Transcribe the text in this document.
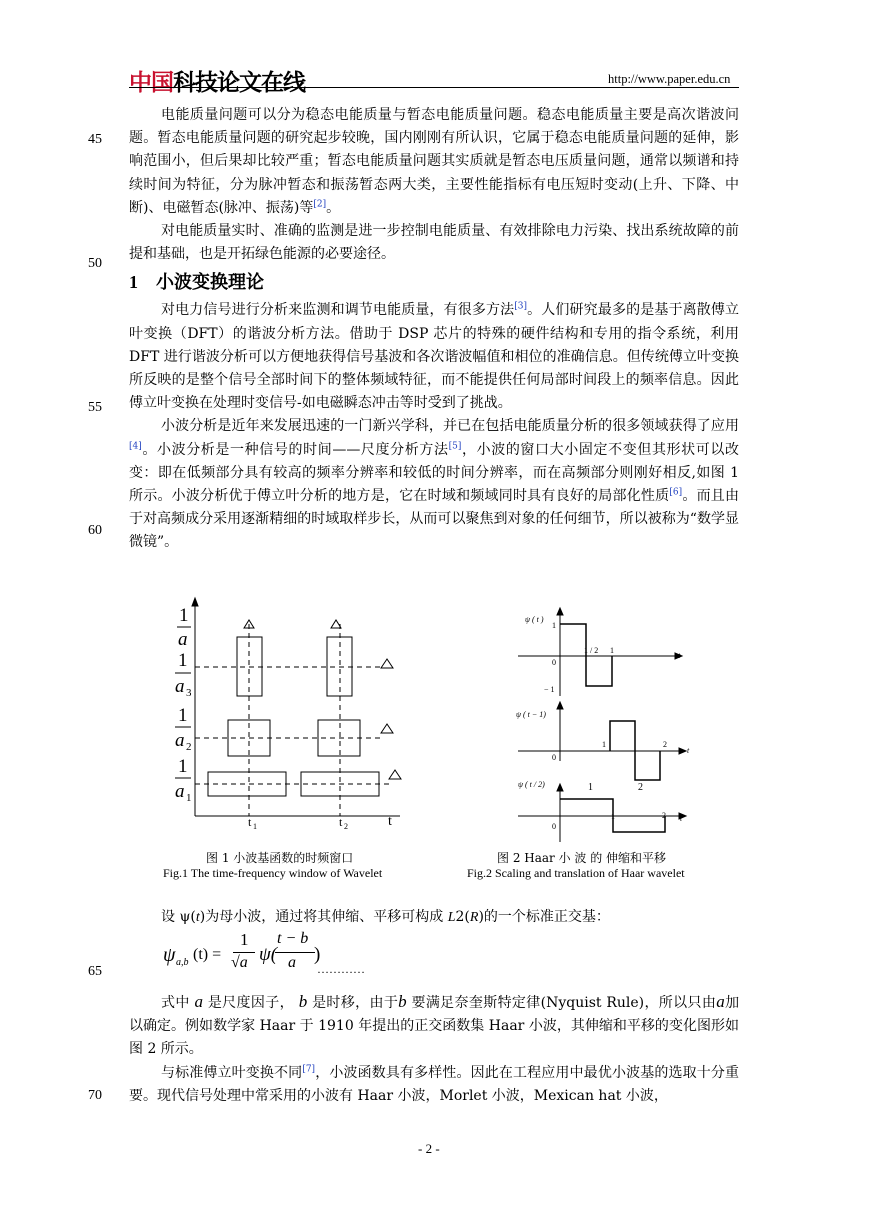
中国科技论文在线	http://www.paper.edu.cn
45
50
55
60
65
70

电能质量问题可以分为稳态电能质量与暂态电能质量问题。稳态电能质量主要是高次谐波问题。暂态电能质量问题的研究起步较晚，国内刚刚有所认识，它属于稳态电能质量问题的延伸，影响范围小，但后果却比较严重；暂态电能质量问题其实质就是暂态电压质量问题，通常以频谱和持续时间为特征，分为脉冲暂态和振荡暂态两大类，主要性能指标有电压短时变动(上升、下降、中断)、电磁暂态(脉冲、振荡)等[2]。

对电能质量实时、准确的监测是进一步控制电能质量、有效排除电力污染、找出系统故障的前提和基础，也是开拓绿色能源的必要途径。

1 小波变换理论

对电力信号进行分析来监测和调节电能质量，有很多方法[3]。人们研究最多的是基于离散傅立叶变换（DFT）的谐波分析方法。借助于 DSP 芯片的特殊的硬件结构和专用的指令系统，利用 DFT 进行谐波分析可以方便地获得信号基波和各次谐波幅值和相位的准确信息。但传统傅立叶变换所反映的是整个信号全部时间下的整体频域特征，而不能提供任何局部时间段上的频率信息。因此傅立叶变换在处理时变信号-如电磁瞬态冲击等时受到了挑战。

小波分析是近年来发展迅速的一门新兴学科，并已在包括电能质量分析的很多领域获得了应用[4]。小波分析是一种信号的时间——尺度分析方法[5]，小波的窗口大小固定不变但其形状可以改变：即在低频部分具有较高的频率分辨率和较低的时间分辨率，而在高频部分则刚好相反,如图 1 所示。小波分析优于傅立叶分析的地方是，它在时域和频域同时具有良好的局部化性质[6]。而且由于对高频成分采用逐渐精细的时域取样步长，从而可以聚焦到对象的任何细节，所以被称为“数学显微镜”。

1
a
1
a 3
1
a 2
1
a 1
t 1	t 2	t
图 1 小波基函数的时频窗口
Fig.1 The time-frequency window of Wavelet
ψ ( t )
1
0
− 1
1 / 2 1
t
ψ ( t − 1)
0
1	2
t
ψ ( t / 2)
0
1	2
1	2 t
图 2 Haar 小 波 的 伸缩和平移
Fig.2 Scaling and translation of Haar wavelet

设 ψ(t)为母小波，通过将其伸缩、平移可构成 L2(R)的一个标准正交基：

ψ a,b (t) =
1
√a ψ(
t − b
a )
…………

式中 a 是尺度因子， b 是时移，由于b 要满足奈奎斯特定律(Nyquist Rule)，所以只由a加以确定。例如数学家 Haar 于 1910 年提出的正交函数集 Haar 小波，其伸缩和平移的变化图形如图 2 所示。

与标准傅立叶变换不同[7]，小波函数具有多样性。因此在工程应用中最优小波基的选取十分重要。现代信号处理中常采用的小波有 Haar 小波，Morlet 小波，Mexican hat 小波，

- 2 -
